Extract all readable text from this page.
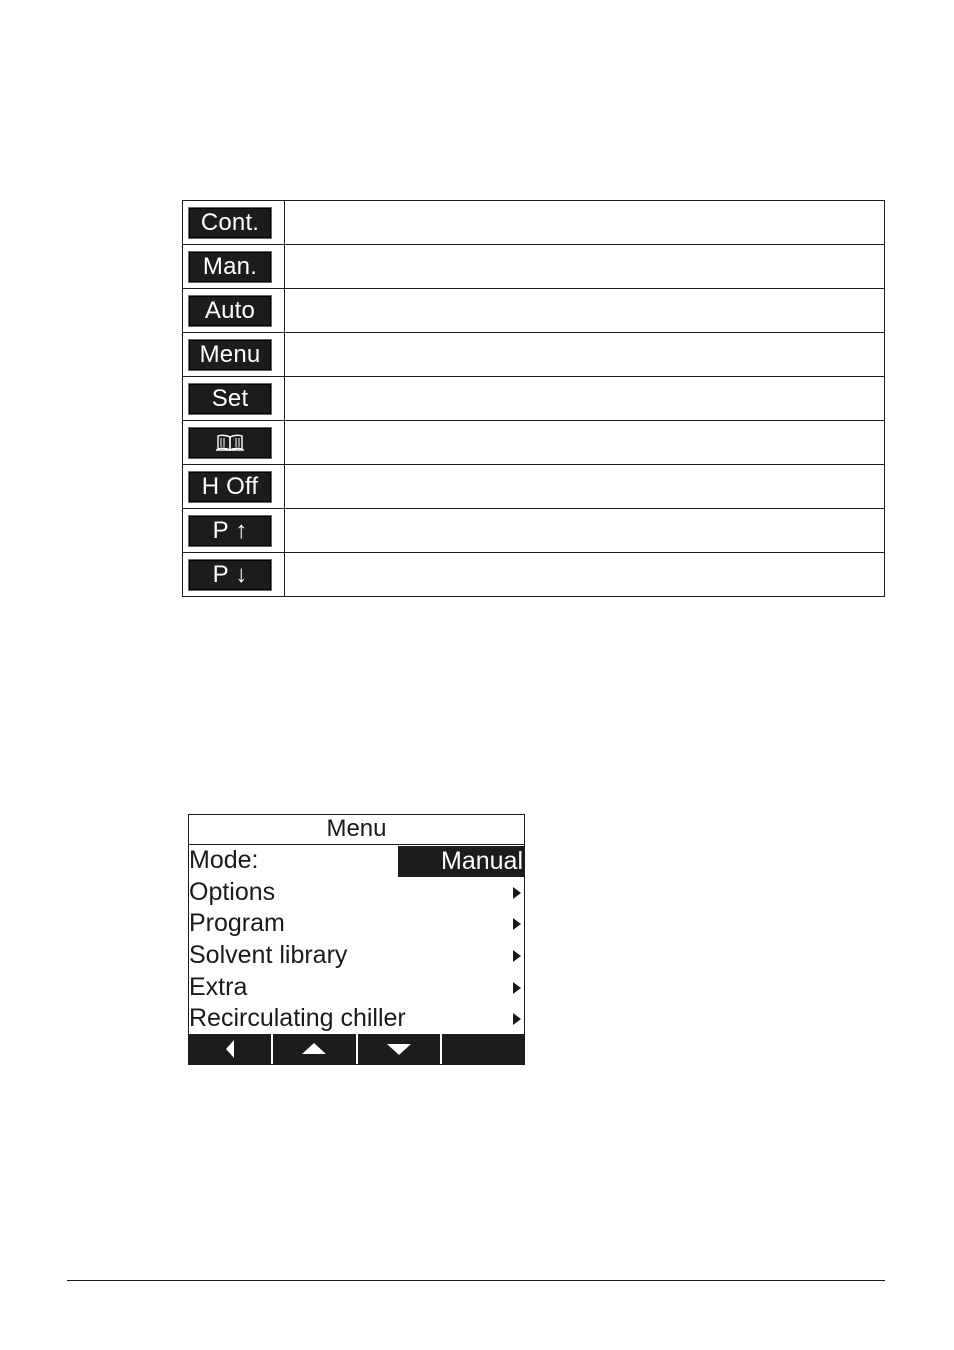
Cont.
Man.
Auto
Menu
Set
H Off
P ↑
P ↓
Menu
Mode:	Manual
Options
Program
Solvent library
Extra
Recirculating chiller
